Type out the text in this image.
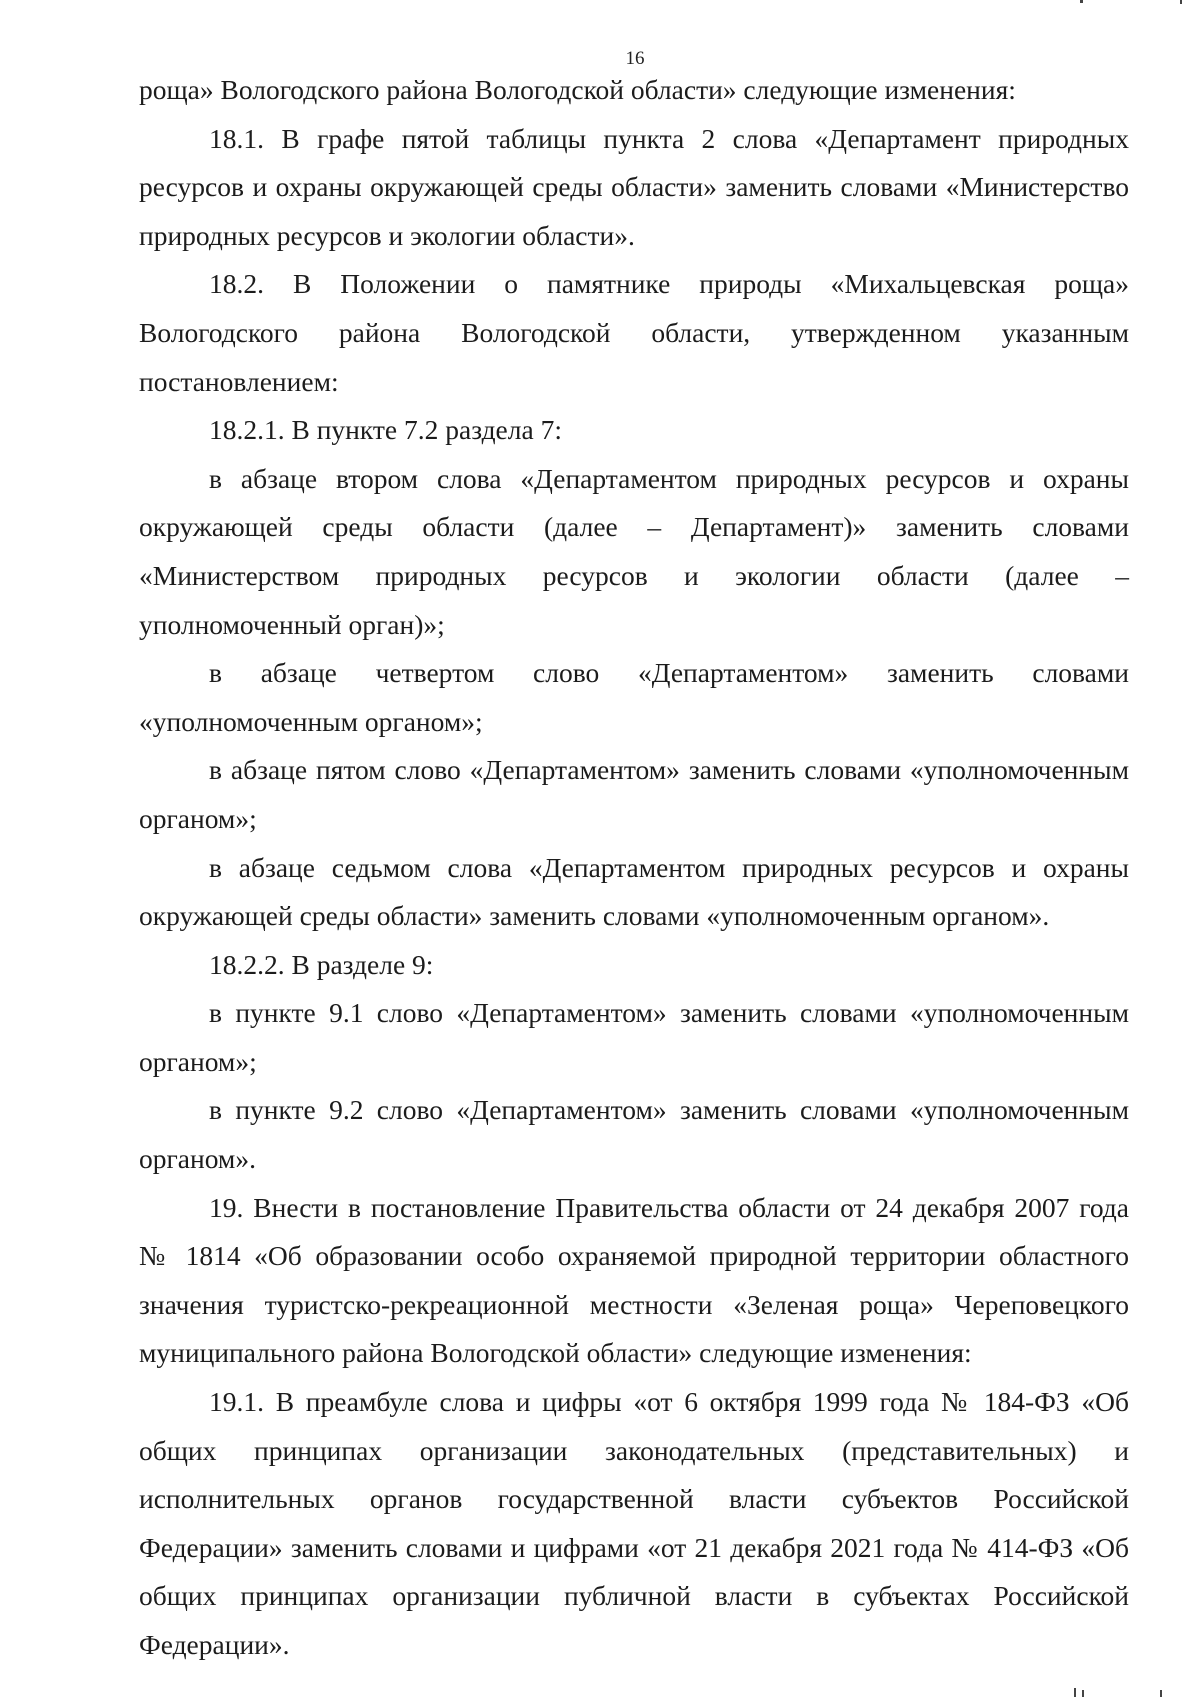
16

роща» Вологодского района Вологодской области» следующие изменения:

18.1. В графе пятой таблицы пункта 2 слова «Департамент природных ресурсов и охраны окружающей среды области» заменить словами «Министерство природных ресурсов и экологии области».

18.2. В Положении о памятнике природы «Михальцевская роща» Вологодского района Вологодской области, утвержденном указанным постановлением:

18.2.1. В пункте 7.2 раздела 7:

в абзаце втором слова «Департаментом природных ресурсов и охраны окружающей среды области (далее – Департамент)» заменить словами «Министерством природных ресурсов и экологии области (далее – уполномоченный орган)»;

в абзаце четвертом слово «Департаментом» заменить словами «уполномоченным органом»;

в абзаце пятом слово «Департаментом» заменить словами «уполномоченным органом»;

в абзаце седьмом слова «Департаментом природных ресурсов и охраны окружающей среды области» заменить словами «уполномоченным органом».

18.2.2. В разделе 9:

в пункте 9.1 слово «Департаментом» заменить словами «уполномоченным органом»;

в пункте 9.2 слово «Департаментом» заменить словами «уполномоченным органом».

19. Внести в постановление Правительства области от 24 декабря 2007 года № 1814 «Об образовании особо охраняемой природной территории областного значения туристско-рекреационной местности «Зеленая роща» Череповецкого муниципального района Вологодской области» следующие изменения:

19.1. В преамбуле слова и цифры «от 6 октября 1999 года № 184-ФЗ «Об общих принципах организации законодательных (представительных) и исполнительных органов государственной власти субъектов Российской Федерации» заменить словами и цифрами «от 21 декабря 2021 года № 414-ФЗ «Об общих принципах организации публичной власти в субъектах Российской Федерации».
